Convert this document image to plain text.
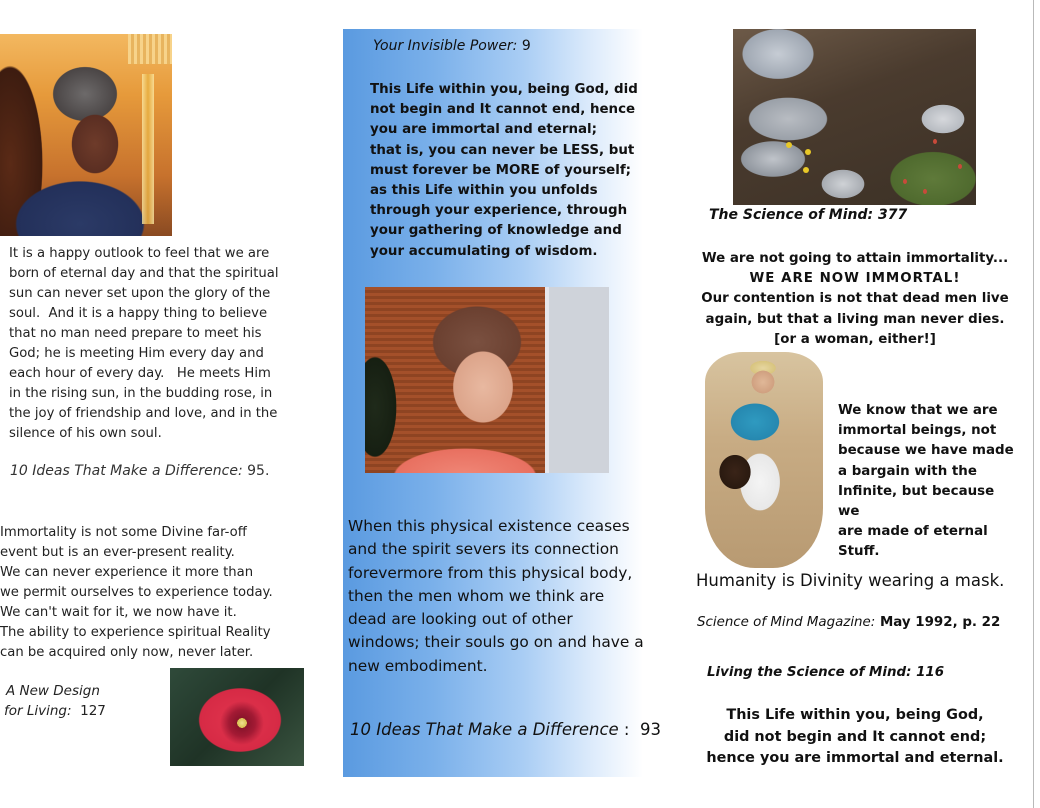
It is a happy outlook to feel that we are
born of eternal day and that the spiritual
sun can never set upon the glory of the
soul.  And it is a happy thing to believe
that no man need prepare to meet his
God; he is meeting Him every day and
each hour of every day.   He meets Him
in the rising sun, in the budding rose, in
the joy of friendship and love, and in the
silence of his own soul.
10 Ideas That Make a Difference: 95.
Immortality is not some Divine far-off
event but is an ever-present reality.
We can never experience it more than
we permit ourselves to experience today.
We can't wait for it, we now have it.
The ability to experience spiritual Reality
can be acquired only now, never later.
A New Design
for Living:  127
Your Invisible Power: 9
This Life within you, being God, did
not begin and It cannot end, hence
you are immortal and eternal;
that is, you can never be LESS, but
must forever be MORE of yourself;
as this Life within you unfolds
through your experience, through
your gathering of knowledge and
your accumulating of wisdom.
When this physical existence ceases
and the spirit severs its connection
forevermore from this physical body,
then the men whom we think are
dead are looking out of other
windows; their souls go on and have a
new embodiment.
10 Ideas That Make a Difference :  93
The Science of Mind: 377
We are not going to attain immortality...
WE ARE NOW IMMORTAL!
Our contention is not that dead men live
again, but that a living man never dies.
[or a woman, either!]
We know that we are
immortal beings, not
because we have made
a bargain with the
Infinite, but because we
are made of eternal
Stuff.
Humanity is Divinity wearing a mask.
Science of Mind Magazine: May 1992, p. 22
Living the Science of Mind: 116
This Life within you, being God,
did not begin and It cannot end;
hence you are immortal and eternal.
